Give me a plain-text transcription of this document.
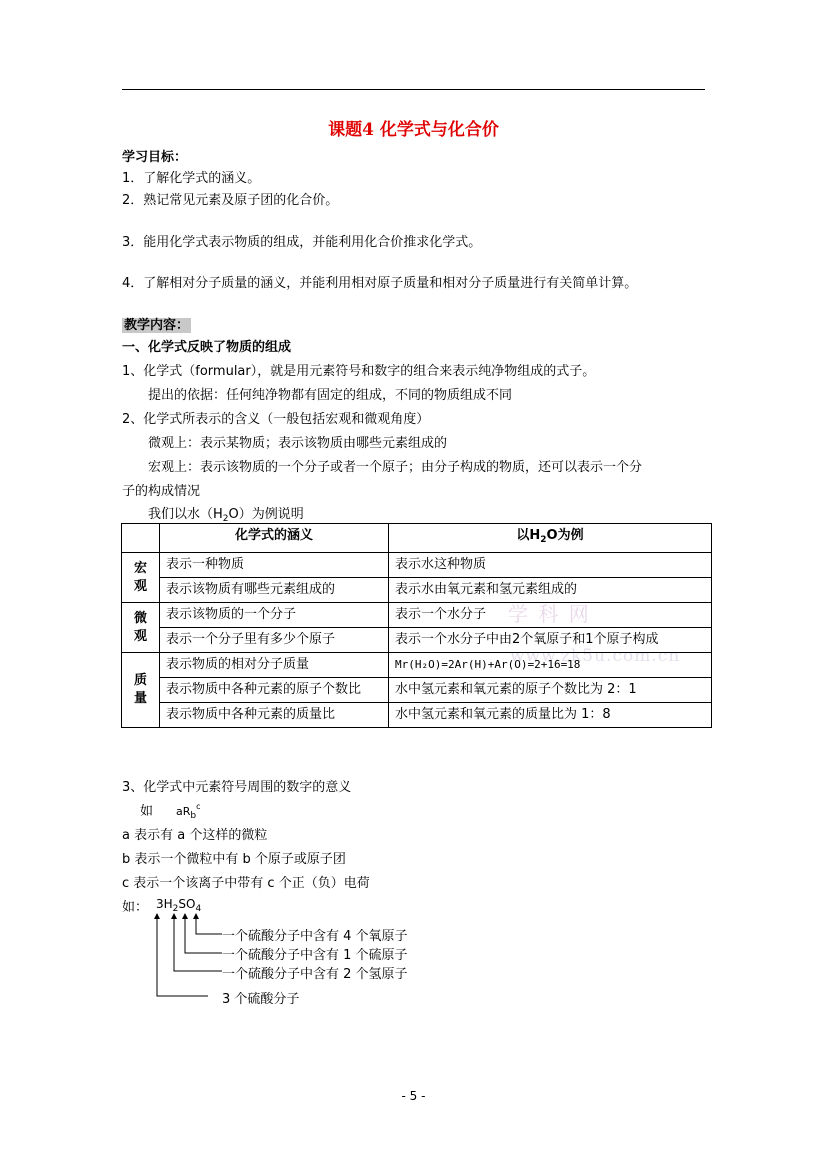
课题4 化学式与化合价
学习目标：
1．了解化学式的涵义。
2．熟记常见元素及原子团的化合价。
3．能用化学式表示物质的组成，并能利用化合价推求化学式。
4．了解相对分子质量的涵义，并能利用相对原子质量和相对分子质量进行有关简单计算。
教学内容：
一、化学式反映了物质的组成
1、化学式（formular），就是用元素符号和数字的组合来表示纯净物组成的式子。
提出的依据：任何纯净物都有固定的组成，不同的物质组成不同
2、化学式所表示的含义（一般包括宏观和微观角度）
微观上：表示某物质；表示该物质由哪些元素组成的
宏观上：表示该物质的一个分子或者一个原子；由分子构成的物质，还可以表示一个分
子的构成情况
我们以水$(H_2O)$为例说明
学 科 网
www.zk5u.com.cn
	化学式的涵义	以$H_2O$为例

宏
观	表示一种物质	表示水这种物质
	表示该物质有哪些元素组成的	表示水由氧元素和氢元素组成的

微
观	表示该物质的一个分子	表示一个水分子
	表示一个分子里有多少个原子	表示一个水分子中由2个氧原子和1个原子构成

质
量	表示物质的相对分子质量	Mr(H₂O)=2Ar(H)+Ar(O)=2+16=18
	表示物质中各种元素的原子个数比	水中氢元素和氧元素的原子个数比为 2：1
	表示物质中各种元素的质量比	水中氢元素和氧元素的质量比为 1：8
3、化学式中元素符号周围的数字的意义
如 $aR_b^c$
a 表示有 a 个这样的微粒
b 表示一个微粒中有 b 个原子或原子团
c 表示一个该离子中带有 c 个正（负）电荷
如： $3H_2SO_4$
一个硫酸分子中含有 4 个氧原子
一个硫酸分子中含有 1 个硫原子
一个硫酸分子中含有 2 个氢原子
3 个硫酸分子
- 5 -
